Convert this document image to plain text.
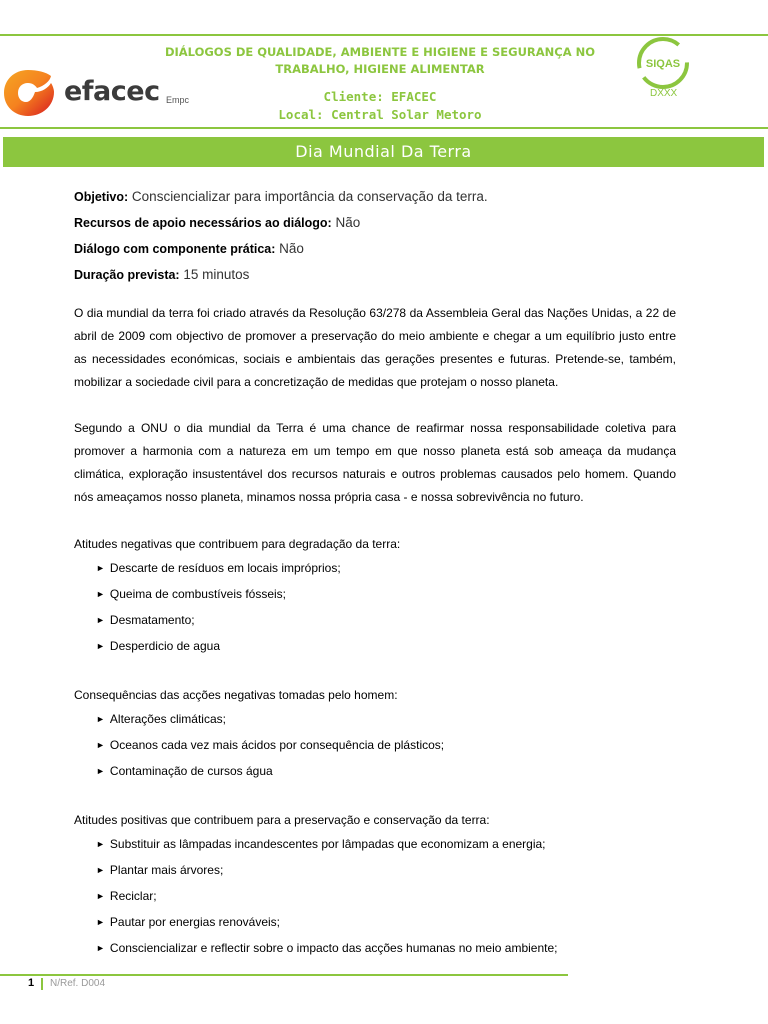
efacec Empc
DIÁLOGOS DE QUALIDADE, AMBIENTE E HIGIENE E SEGURANÇA NO
TRABALHO, HIGIENE ALIMENTAR
Cliente: EFACEC
Local: Central Solar Metoro
SIQAS
DXXX
Dia Mundial Da Terra

Objetivo: Consciencializar para importância da conservação da terra.

Recursos de apoio necessários ao diálogo: Não

Diálogo com componente prática: Não

Duração prevista: 15 minutos

O dia mundial da terra foi criado através da Resolução 63/278 da Assembleia Geral das Nações Unidas, a 22 de abril de 2009 com objectivo de promover a preservação do meio ambiente e chegar a um equilíbrio justo entre as necessidades económicas, sociais e ambientais das gerações presentes e futuras. Pretende-se, também, mobilizar a sociedade civil para a concretização de medidas que protejam o nosso planeta.

Segundo a ONU o dia mundial da Terra é uma chance de reafirmar nossa responsabilidade coletiva para promover a harmonia com a natureza em um tempo em que nosso planeta está sob ameaça da mudança climática, exploração insustentável dos recursos naturais e outros problemas causados pelo homem. Quando nós ameaçamos nosso planeta, minamos nossa própria casa - e nossa sobrevivência no futuro.

Atitudes negativas que contribuem para degradação da terra:

► Descarte de resíduos em locais impróprios;
► Queima de combustíveis fósseis;
► Desmatamento;
► Desperdicio de agua

Consequências das acções negativas tomadas pelo homem:

► Alterações climáticas;
► Oceanos cada vez mais ácidos por consequência de plásticos;
► Contaminação de cursos água

Atitudes positivas que contribuem para a preservação e conservação da terra:

► Substituir as lâmpadas incandescentes por lâmpadas que economizam a energia;
► Plantar mais árvores;
► Reciclar;
► Pautar por energias renováveis;
► Consciencializar e reflectir sobre o impacto das acções humanas no meio ambiente;
1 N/Ref. D004
